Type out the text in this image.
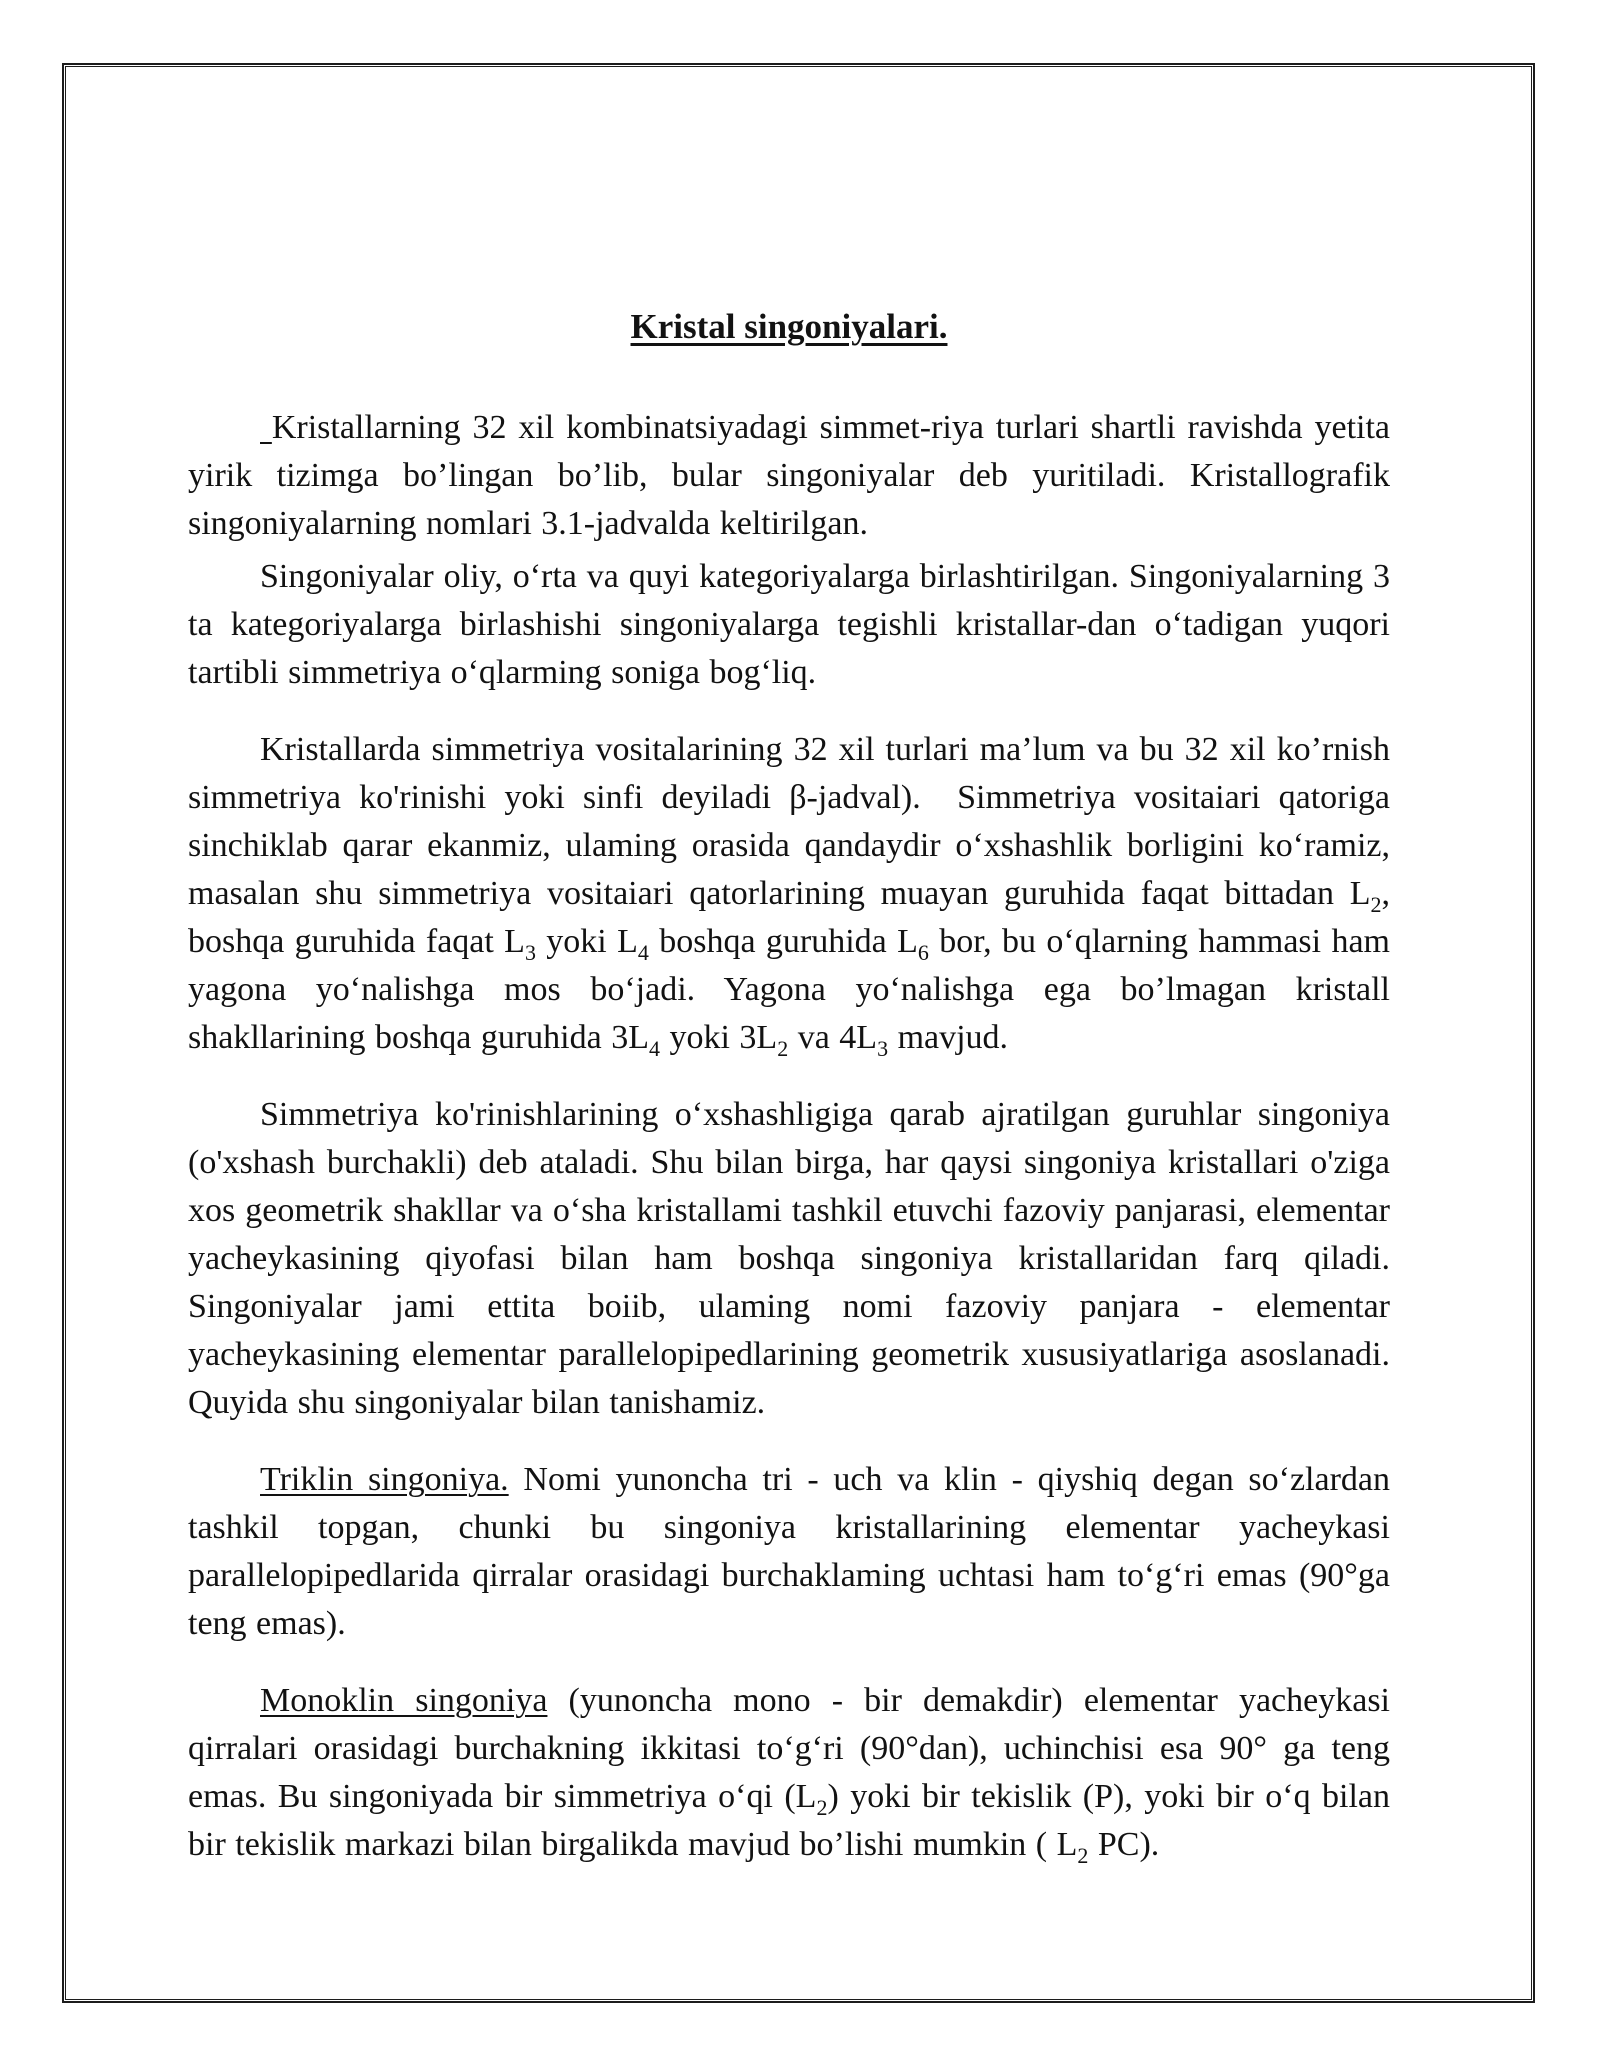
Kristal singoniyalari.

Kristallarning 32 xil kombinatsiyadagi simmet-riya turlari shartli ravishda yetita yirik tizimga bo’lingan bo’lib, bular singoniyalar deb yuritiladi. Kristallografik singoniyalarning nomlari 3.1-jadvalda keltirilgan.

Singoniyalar oliy, oʻrta va quyi kategoriyalarga birlashtirilgan. Singoniyalarning 3 ta kategoriyalarga birlashishi singoniyalarga tegishli kristallar-dan oʻtadigan yuqori tartibli simmetriya oʻqlarming soniga bogʻliq.

Kristallarda simmetriya vositalarining 32 xil turlari ma’lum va bu 32 xil ko’rnish simmetriya ko'rinishi yoki sinfi deyiladi β-jadval).  Simmetriya vositaiari qatoriga sinchiklab qarar ekanmiz, ulaming orasida qandaydir oʻxshashlik borligini koʻramiz, masalan shu simmetriya vositaiari qatorlarining muayan guruhida faqat bittadan $L_2$, boshqa guruhida faqat $L_3$ yoki $L_4$ boshqa guruhida $L_6$ bor, bu oʻqlarning hammasi ham yagona yoʻnalishga mos boʻjadi. Yagona yoʻnalishga ega bo’lmagan kristall shakllarining boshqa guruhida $3L_4$ yoki $3L_2$ va $4L_3$ mavjud.

Simmetriya ko'rinishlarining oʻxshashligiga qarab ajratilgan guruhlar singoniya (o'xshash burchakli) deb ataladi. Shu bilan birga, har qaysi singoniya kristallari o'ziga xos geometrik shakllar va oʻsha kristallami tashkil etuvchi fazoviy panjarasi, elementar yacheykasining qiyofasi bilan ham boshqa singoniya kristallaridan farq qiladi. Singoniyalar jami ettita boiib, ulaming nomi fazoviy panjara - elementar yacheykasining elementar parallelopipedlarining geometrik xususiyatlariga asoslanadi.     Quyida shu singoniyalar bilan tanishamiz.

Triklin singoniya. Nomi yunoncha tri - uch va klin - qiyshiq degan soʻzlardan tashkil topgan, chunki bu singoniya kristallarining elementar yacheykasi parallelopipedlarida qirralar orasidagi burchaklaming uchtasi ham toʻgʻri emas (90°ga teng emas).

Monoklin singoniya (yunoncha mono - bir demakdir) elementar yacheykasi qirralari orasidagi burchakning ikkitasi toʻgʻri (90°dan), uchinchisi esa 90° ga teng emas. Bu singoniyada bir simmetriya oʻqi $(L_2)$ yoki bir tekislik (P), yoki bir oʻq bilan bir tekislik markazi bilan birgalikda mavjud bo’lishi mumkin ( $L_2$ PC).
